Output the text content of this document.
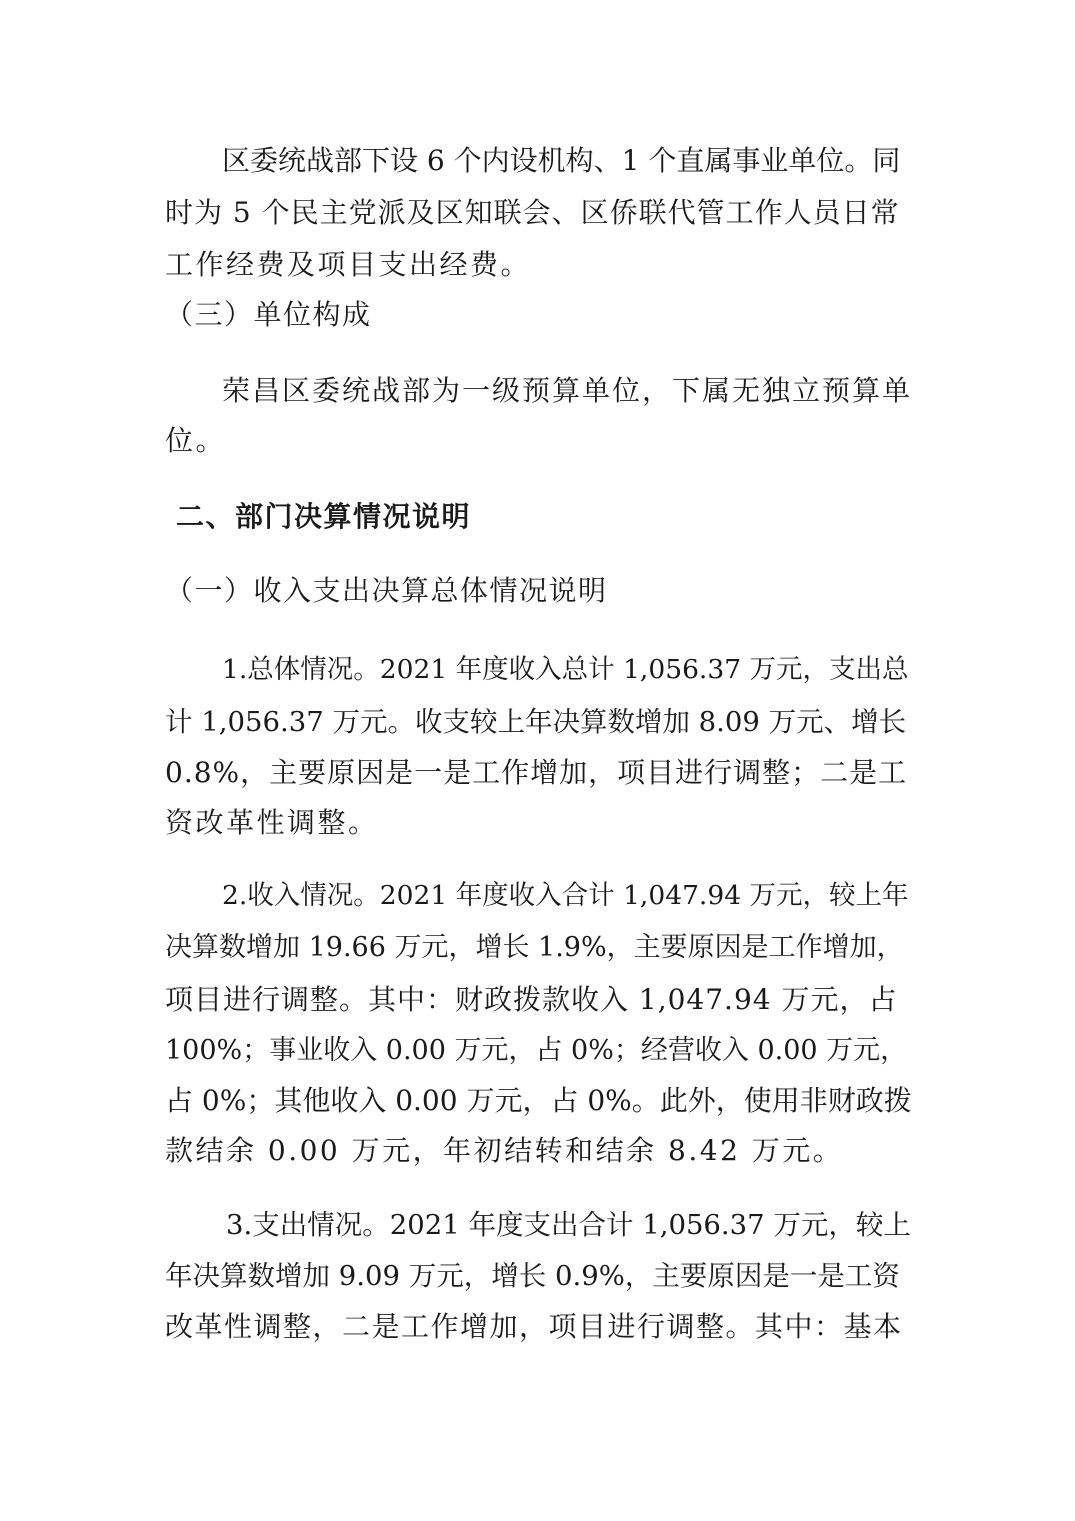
区委统战部下设 6 个内设机构、1 个直属事业单位。同
时为 5 个民主党派及区知联会、区侨联代管工作人员日常
工作经费及项目支出经费。
（三）单位构成
荣昌区委统战部为一级预算单位，下属无独立预算单
位。
二、部门决算情况说明
（一）收入支出决算总体情况说明
1.总体情况。2021 年度收入总计 1,056.37 万元，支出总
计 1,056.37 万元。收支较上年决算数增加 8.09 万元、增长
0.8%，主要原因是一是工作增加，项目进行调整；二是工
资改革性调整。
2.收入情况。2021 年度收入合计 1,047.94 万元，较上年
决算数增加 19.66 万元，增长 1.9%，主要原因是工作增加，
项目进行调整。其中：财政拨款收入 1,047.94 万元，占
100%；事业收入 0.00 万元，占 0%；经营收入 0.00 万元，
占 0%；其他收入 0.00 万元，占 0%。此外，使用非财政拨
款结余 0.00 万元，年初结转和结余 8.42 万元。
3.支出情况。2021 年度支出合计 1,056.37 万元，较上
年决算数增加 9.09 万元，增长 0.9%，主要原因是一是工资
改革性调整，二是工作增加，项目进行调整。其中：基本
